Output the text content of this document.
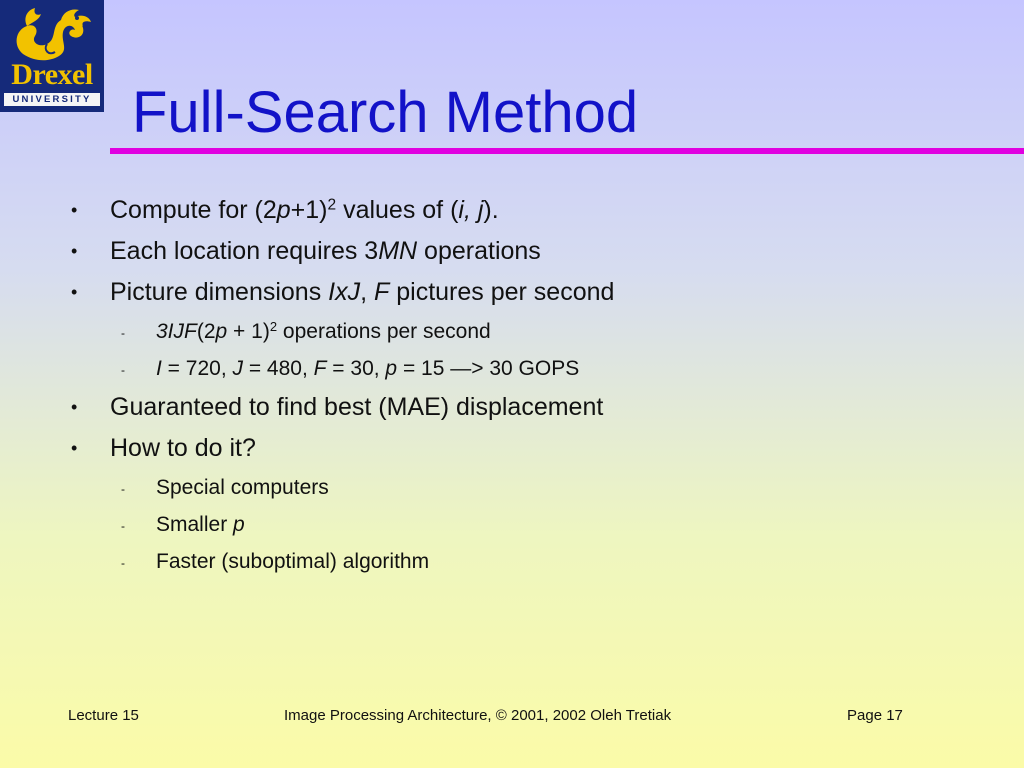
Drexel
UNIVERSITY Full-Search Method
• Compute for $(2p+1)^2$ values of (i, j).
• Each location requires 3MN operations
• Picture dimensions IxJ, F pictures per second
- $3IJF(2p + 1)^2$ operations per second
- I = 720, J = 480, F = 30, p = 15 —> 30 GOPS
• Guaranteed to find best (MAE) displacement
• How to do it?
- Special computers
- Smaller p
- Faster (suboptimal) algorithm
Lecture 15	Image Processing Architecture, © 2001, 2002 Oleh Tretiak	Page 17
